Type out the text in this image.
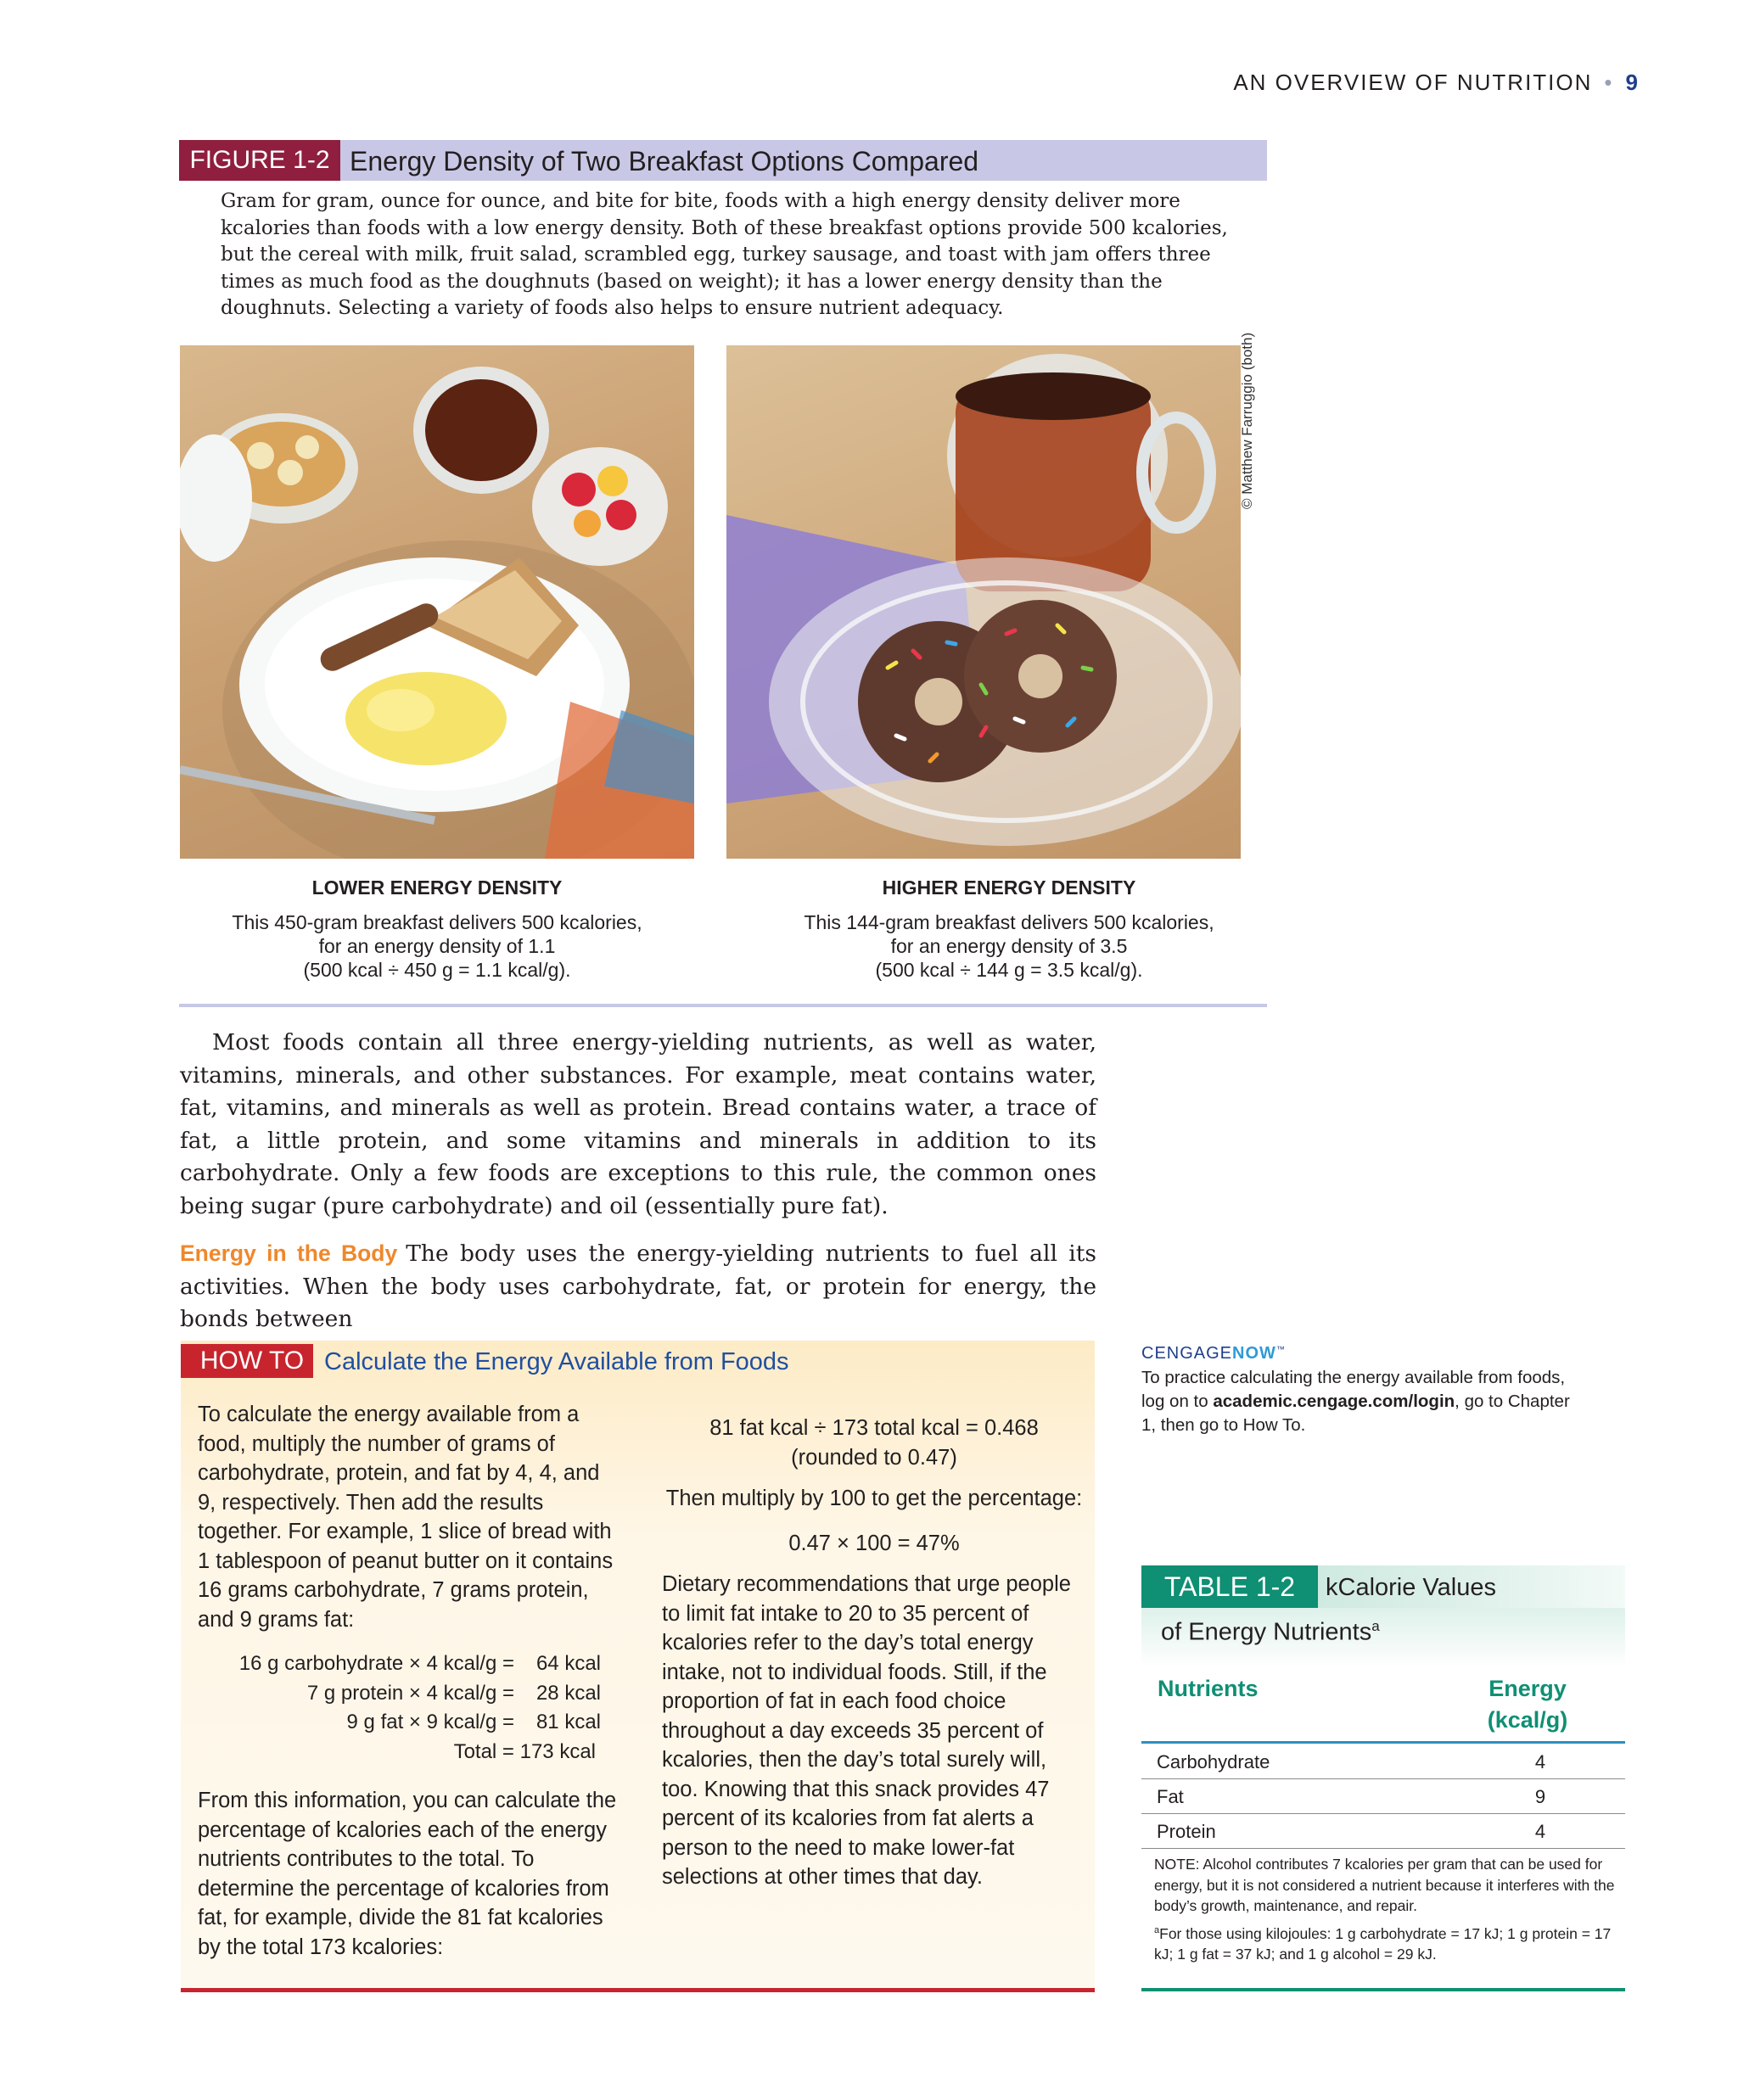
AN OVERVIEW OF NUTRITION • 9
FIGURE 1-2 Energy Density of Two Breakfast Options Compared
Gram for gram, ounce for ounce, and bite for bite, foods with a high energy density deliver more kcalories than foods with a low energy density. Both of these breakfast options provide 500 kcalories, but the cereal with milk, fruit salad, scrambled egg, turkey sausage, and toast with jam offers three times as much food as the doughnuts (based on weight); it has a lower energy density than the doughnuts. Selecting a variety of foods also helps to ensure nutrient adequacy.
© Matthew Farruggio (both)
LOWER ENERGY DENSITY
This 450-gram breakfast delivers 500 kcalories,
for an energy density of 1.1
(500 kcal ÷ 450 g = 1.1 kcal/g).
HIGHER ENERGY DENSITY
This 144-gram breakfast delivers 500 kcalories,
for an energy density of 3.5
(500 kcal ÷ 144 g = 3.5 kcal/g).
Most foods contain all three energy-yielding nutrients, as well as water, vitamins, minerals, and other substances. For example, meat contains water, fat, vitamins, and minerals as well as protein. Bread contains water, a trace of fat, a little protein, and some vitamins and minerals in addition to its carbohydrate. Only a few foods are exceptions to this rule, the common ones being sugar (pure carbohydrate) and oil (essentially pure fat).
Energy in the Body The body uses the energy-yielding nutrients to fuel all its activities. When the body uses carbohydrate, fat, or protein for energy, the bonds between
HOW TO Calculate the Energy Available from Foods
To calculate the energy available from a food, multiply the number of grams of carbohydrate, protein, and fat by 4, 4, and 9, respectively. Then add the results together. For example, 1 slice of bread with 1 tablespoon of peanut butter on it contains 16 grams carbohydrate, 7 grams protein, and 9 grams fat:
16 g carbohydrate × 4 kcal/g =	64 kcal
7 g protein × 4 kcal/g =	28 kcal
9 g fat × 9 kcal/g =	81 kcal
Total = 173 kcal
From this information, you can calculate the percentage of kcalories each of the energy nutrients contributes to the total. To determine the percentage of kcalories from fat, for example, divide the 81 fat kcalories by the total 173 kcalories:
81 fat kcal ÷ 173 total kcal = 0.468
(rounded to 0.47)
Then multiply by 100 to get the percentage:
0.47 × 100 = 47%
Dietary recommendations that urge people to limit fat intake to 20 to 35 percent of kcalories refer to the day’s total energy intake, not to individual foods. Still, if the proportion of fat in each food choice throughout a day exceeds 35 percent of kcalories, then the day’s total surely will, too. Knowing that this snack provides 47 percent of its kcalories from fat alerts a person to the need to make lower-fat selections at other times that day.
CENGAGENOW™
To practice calculating the energy available from foods, log on to academic.cengage.com/login, go to Chapter 1, then go to How To.
TABLE 1-2	kCalorie Values
of Energy Nutrients$^a$
Nutrients	Energy
(kcal/g)
Carbohydrate	4
Fat	9
Protein	4
NOTE: Alcohol contributes 7 kcalories per gram that can be used for energy, but it is not considered a nutrient because it interferes with the body’s growth, maintenance, and repair.
$^a$For those using kilojoules: 1 g carbohydrate = 17 kJ; 1 g protein = 17 kJ; 1 g fat = 37 kJ; and 1 g alcohol = 29 kJ.
